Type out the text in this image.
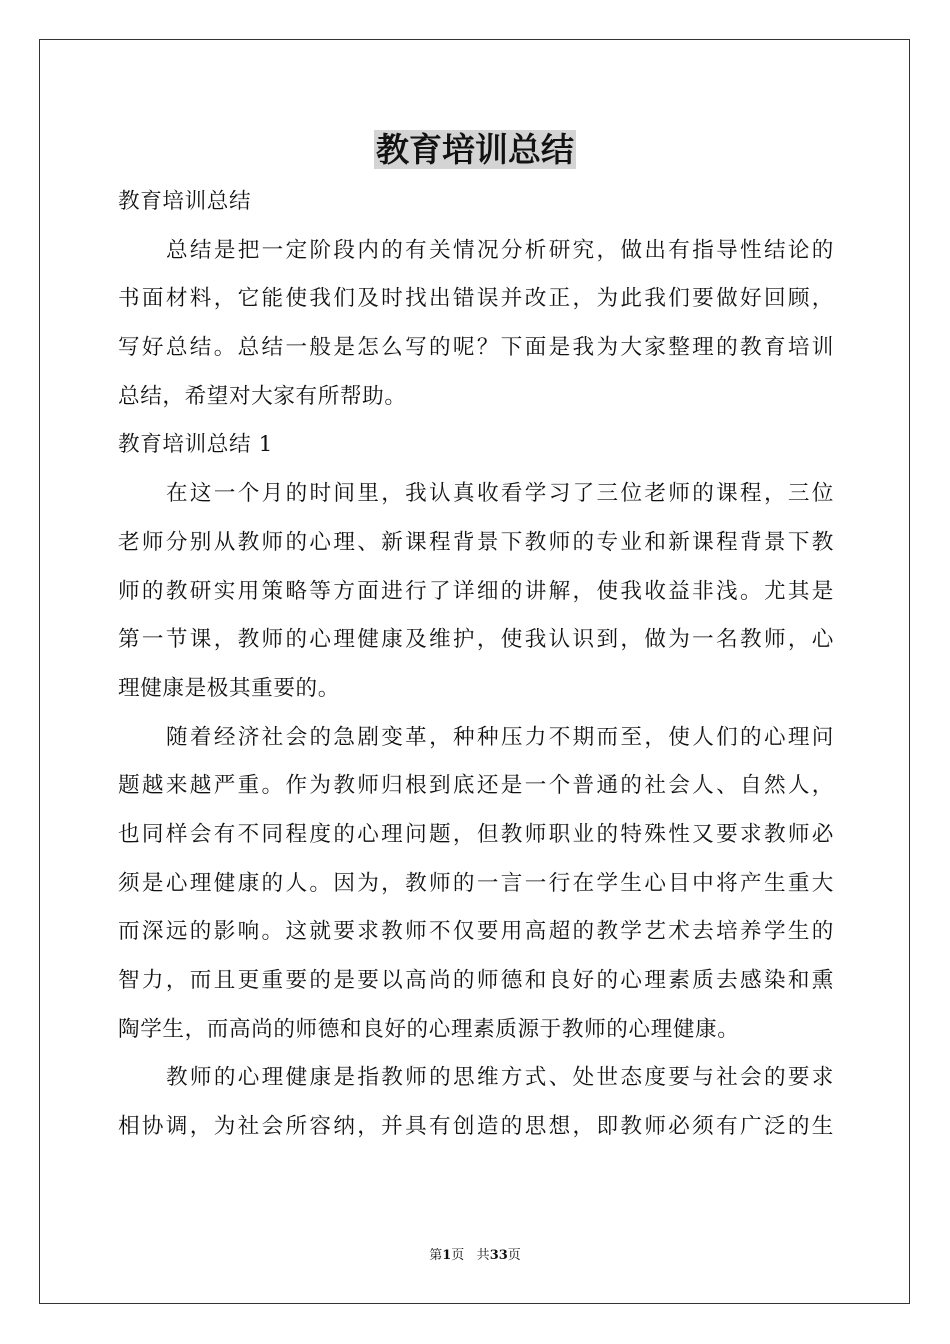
教育培训总结
教育培训总结
总结是把一定阶段内的有关情况分析研究，做出有指导性结论的
书面材料，它能使我们及时找出错误并改正，为此我们要做好回顾，
写好总结。总结一般是怎么写的呢？下面是我为大家整理的教育培训
总结，希望对大家有所帮助。
教育培训总结 1
在这一个月的时间里，我认真收看学习了三位老师的课程，三位
老师分别从教师的心理、新课程背景下教师的专业和新课程背景下教
师的教研实用策略等方面进行了详细的讲解，使我收益非浅。尤其是
第一节课，教师的心理健康及维护，使我认识到，做为一名教师，心
理健康是极其重要的。
随着经济社会的急剧变革，种种压力不期而至，使人们的心理问
题越来越严重。作为教师归根到底还是一个普通的社会人、自然人，
也同样会有不同程度的心理问题，但教师职业的特殊性又要求教师必
须是心理健康的人。因为，教师的一言一行在学生心目中将产生重大
而深远的影响。这就要求教师不仅要用高超的教学艺术去培养学生的
智力，而且更重要的是要以高尚的师德和良好的心理素质去感染和熏
陶学生，而高尚的师德和良好的心理素质源于教师的心理健康。
教师的心理健康是指教师的思维方式、处世态度要与社会的要求
相协调，为社会所容纳，并具有创造的思想，即教师必须有广泛的生
第1页 共33页
